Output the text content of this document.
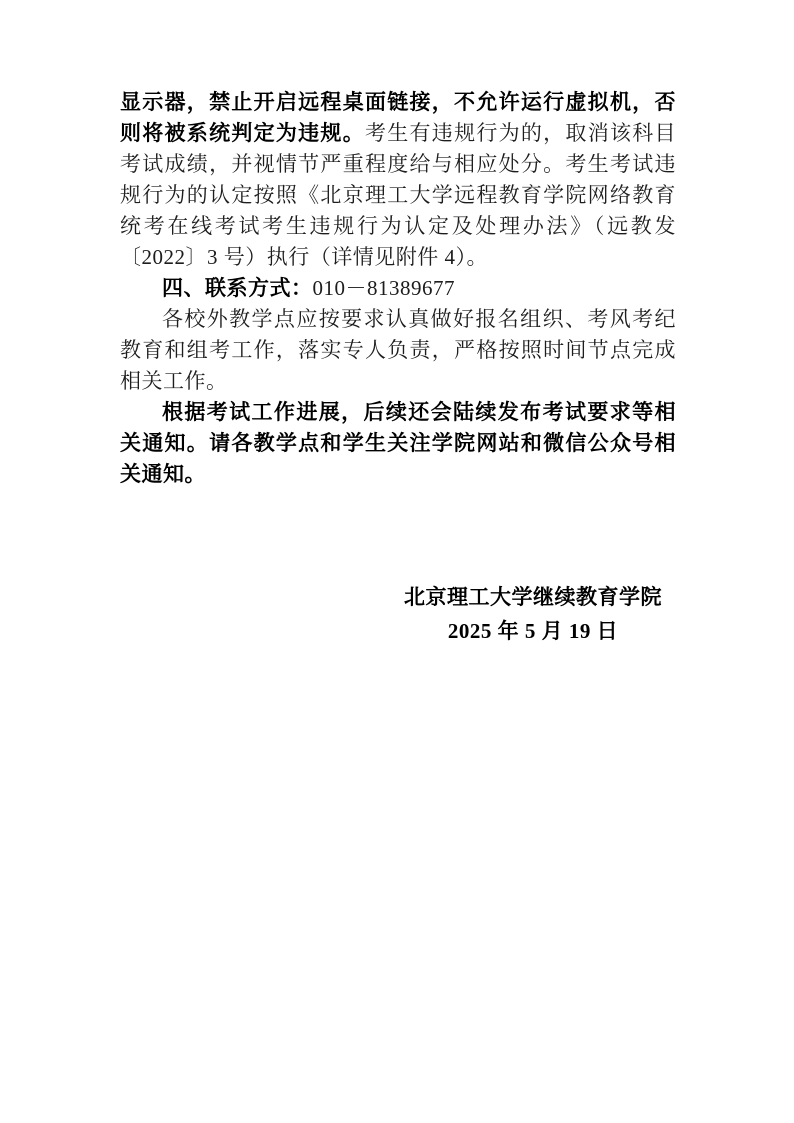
显示器，禁止开启远程桌面链接，不允许运行虚拟机，否则将被系统判定为违规。考生有违规行为的，取消该科目考试成绩，并视情节严重程度给与相应处分。考生考试违规行为的认定按照《北京理工大学远程教育学院网络教育统考在线考试考生违规行为认定及处理办法》（远教发〔2022〕3 号）执行（详情见附件 4）。

四、联系方式：010－81389677

各校外教学点应按要求认真做好报名组织、考风考纪教育和组考工作，落实专人负责，严格按照时间节点完成相关工作。

根据考试工作进展，后续还会陆续发布考试要求等相关通知。请各教学点和学生关注学院网站和微信公众号相关通知。

北京理工大学继续教育学院
2025 年 5 月 19 日
